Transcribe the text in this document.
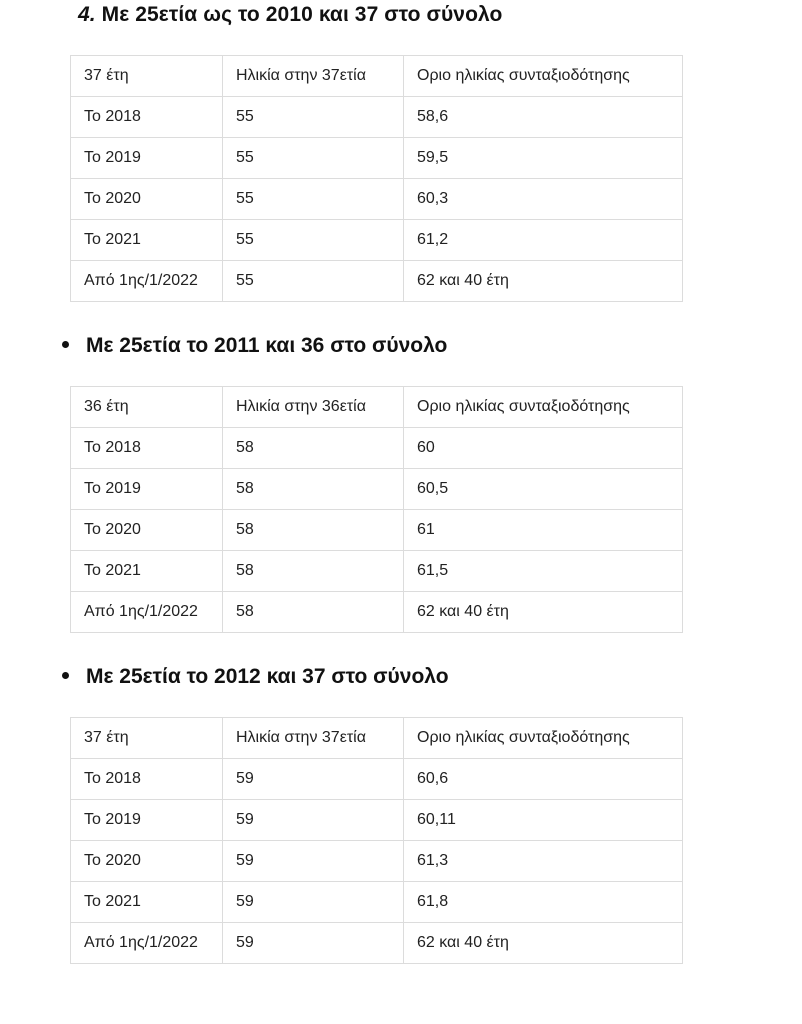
4. Με 25ετία ως το 2010 και 37 στο σύνολο
37 έτη	Ηλικία στην 37ετία	Οριο ηλικίας συνταξιοδότησης
Το 2018	55	58,6
Το 2019	55	59,5
Το 2020	55	60,3
Το 2021	55	61,2
Από 1ης/1/2022	55	62 και 40 έτη
Με 25ετία το 2011 και 36 στο σύνολο
36 έτη	Ηλικία στην 36ετία	Οριο ηλικίας συνταξιοδότησης
Το 2018	58	60
Το 2019	58	60,5
Το 2020	58	61
Το 2021	58	61,5
Από 1ης/1/2022	58	62 και 40 έτη
Με 25ετία το 2012 και 37 στο σύνολο
37 έτη	Ηλικία στην 37ετία	Οριο ηλικίας συνταξιοδότησης
Το 2018	59	60,6
Το 2019	59	60,11
Το 2020	59	61,3
Το 2021	59	61,8
Από 1ης/1/2022	59	62 και 40 έτη
